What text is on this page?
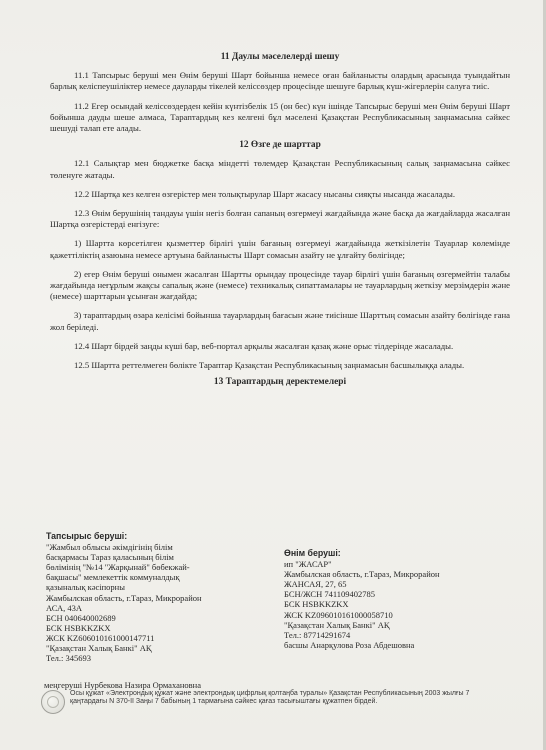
11 Даулы мәселелерді шешу

11.1 Тапсырыс беруші мен Өнім беруші Шарт бойынша немесе оған байланысты олардың арасында туындайтын барлық келіспеушіліктер немесе дауларды тікелей келіссөздер процесінде шешуге барлық күш-жігерлерін салуға тиіс.

11.2 Егер осындай келіссөздерден кейін күнтізбелік 15 (он бес) күн ішінде Тапсырыс беруші мен Өнім беруші Шарт бойынша дауды шеше алмаса, Тараптардың кез келгені бұл мәселені Қазақстан Республикасының заңнамасына сәйкес шешуді талап ете алады.

12 Өзге де шарттар

12.1 Салықтар мен бюджетке басқа міндетті төлемдер Қазақстан Республикасының салық заңнамасына сәйкес төленуге жатады.

12.2 Шартқа кез келген өзгерістер мен толықтырулар Шарт жасасу нысаны сияқты нысанда жасалады.

12.3 Өнім берушінің тандауы үшін негіз болған сапаның өзгермеуі жағдайында және басқа да жағдайларда жасалған Шартқа өзгерістерді енгізуге:

1) Шартта көрсетілген қызметтер бірлігі үшін бағаның өзгермеуі жағдайында жеткізілетін Тауарлар көлемінде қажеттіліктің азаюына немесе артуына байланысты Шарт сомасын азайту не ұлғайту бөлігінде;

2) егер Өнім беруші онымен жасалған Шартты орындау процесінде тауар бірлігі үшін бағаның өзгермейтін талабы жағдайында неғұрлым жақсы сапалық және (немесе) техникалық сипаттамалары не тауарлардың жеткізу мерзімдерін және (немесе) шарттарын ұсынған жағдайда;

3) тараптардың өзара келісімі бойынша тауарлардың бағасын және тиісінше Шарттың сомасын азайту бөлігінде ғана жол беріледі.

12.4 Шарт бірдей заңды күші бар, веб-портал арқылы жасалған қазақ және орыс тілдерінде жасалады.

12.5 Шартта реттелмеген бөлікте Тараптар Қазақстан Республикасының заңнамасын басшылыққа алады.

13 Тараптардың деректемелері
Тапсырыс беруші:
"Жамбыл облысы әкімдігінің білім
басқармасы Тараз қаласының білім
бөлімінің "№14 "Жарқынай" бөбекжай-
бақшасы" мемлекеттік коммуналдық
қазыналық кәсіпорны
Жамбылская область, г.Тараз, Микрорайон
АСА, 43А
БСН 040640002689
БСК HSBKKZKX
ЖСК KZ606010161000147711
"Қазақстан Халық Банкі" АҚ
Тел.: 345693
Өнім беруші:
ип "ЖАСАР"
Жамбылская область, г.Тараз, Микрорайон
ЖАНСАЯ, 27, 65
БСН/ЖСН 741109402785
БСК HSBKKZKX
ЖСК KZ096010161000058710
"Қазақстан Халық Банкі" АҚ
Тел.: 87714291674
басшы Анарқулова Роза Абдешовна
меңгеруші Нурбекова Назира Ормахановна
Осы құжат «Электрондық құжат және электрондық цифрлық қолтаңба туралы» Қазақстан Республикасының 2003 жылғы 7 қаңтардағы N 370-II Заңы 7 бабының 1 тармағына сәйкес қағаз тасығыштағы құжатпен бірдей.
